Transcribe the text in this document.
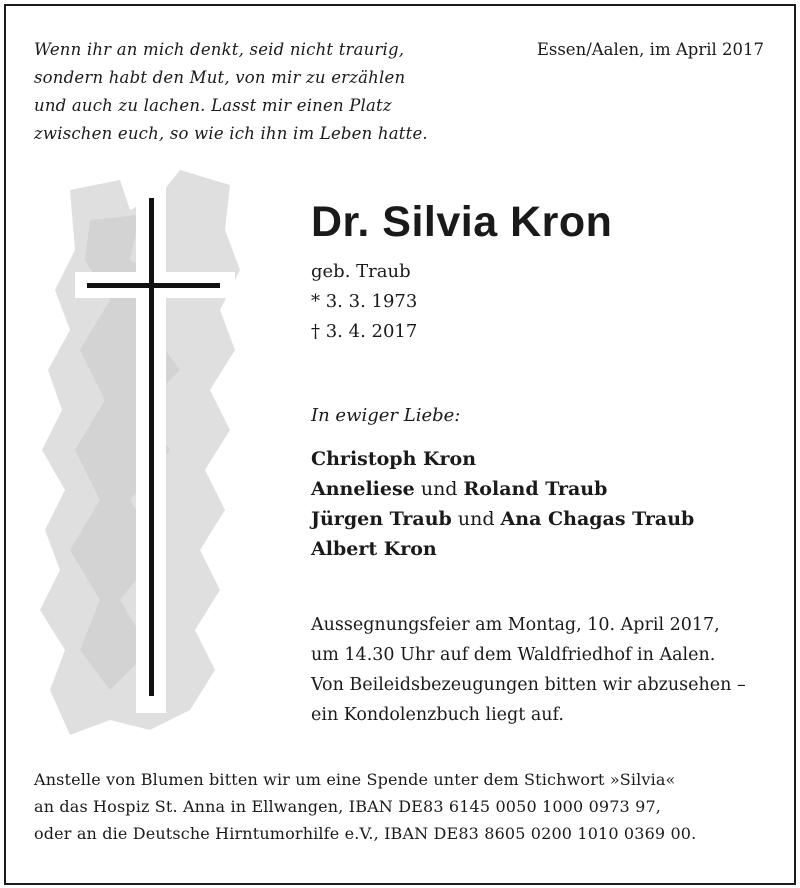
Wenn ihr an mich denkt, seid nicht traurig,
sondern habt den Mut, von mir zu erzählen
und auch zu lachen. Lasst mir einen Platz
zwischen euch, so wie ich ihn im Leben hatte.
Essen/Aalen, im April 2017
Dr. Silvia Kron
geb. Traub
* 3. 3. 1973
† 3. 4. 2017
In ewiger Liebe:
Christoph Kron
Anneliese und Roland Traub
Jürgen Traub und Ana Chagas Traub
Albert Kron
Aussegnungsfeier am Montag, 10. April 2017,
um 14.30 Uhr auf dem Waldfriedhof in Aalen.
Von Beileidsbezeugungen bitten wir abzusehen –
ein Kondolenzbuch liegt auf.
Anstelle von Blumen bitten wir um eine Spende unter dem Stichwort »Silvia«
an das Hospiz St. Anna in Ellwangen, IBAN DE83 6145 0050 1000 0973 97,
oder an die Deutsche Hirntumorhilfe e.V., IBAN DE83 8605 0200 1010 0369 00.
